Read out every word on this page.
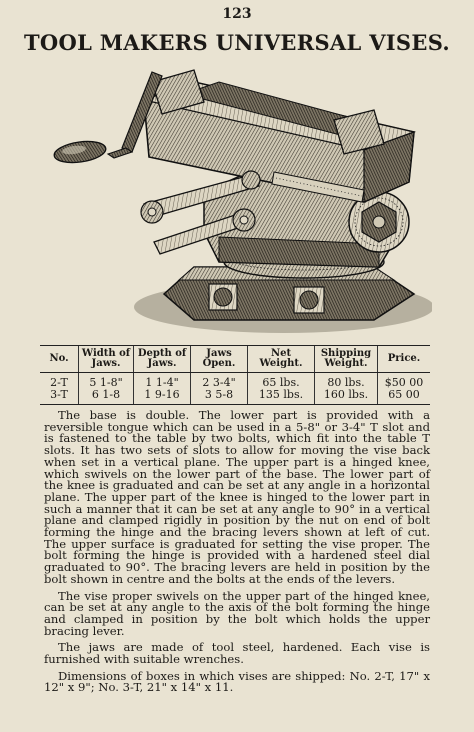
123
TOOL MAKERS UNIVERSAL VISES.
No.	Width of Jaws.	Depth of Jaws.	Jaws Open.	Net Weight.	Shipping Weight.	Price.
2-T	5 1-8"	1 1-4"	2 3-4"	65 lbs.	80 lbs.	$50 00
3-T	6 1-8	1 9-16	3 5-8	135 lbs.	160 lbs.	65 00

The base is double. The lower part is provided with a reversible tongue which can be used in a 5-8" or 3-4" T slot and is fastened to the table by two bolts, which fit into the table T slots. It has two sets of slots to allow for moving the vise back when set in a vertical plane. The upper part is a hinged knee, which swivels on the lower part of the base. The lower part of the knee is graduated and can be set at any angle in a horizontal plane. The upper part of the knee is hinged to the lower part in such a manner that it can be set at any angle to 90° in a vertical plane and clamped rigidly in position by the nut on end of bolt forming the hinge and the bracing levers shown at left of cut. The upper surface is graduated for setting the vise proper. The bolt forming the hinge is provided with a hardened steel dial graduated to 90°. The bracing levers are held in position by the bolt shown in centre and the bolts at the ends of the levers.

The vise proper swivels on the upper part of the hinged knee, can be set at any angle to the axis of the bolt forming the hinge and clamped in position by the bolt which holds the upper bracing lever.

The jaws are made of tool steel, hardened. Each vise is furnished with suitable wrenches.

Dimensions of boxes in which vises are shipped: No. 2-T, 17" x 12" x 9"; No. 3-T, 21" x 14" x 11.
